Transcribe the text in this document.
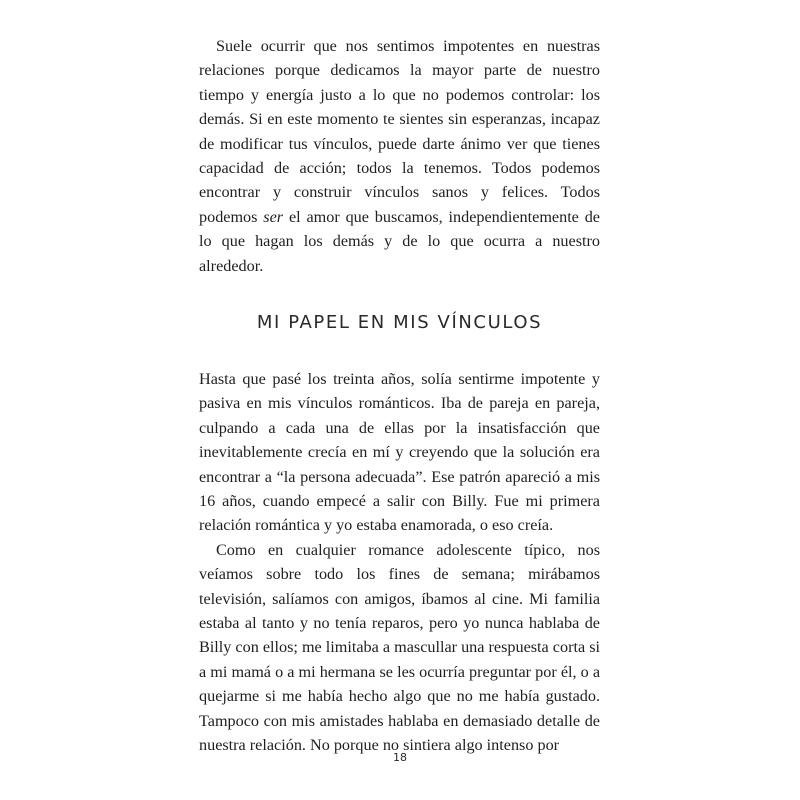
Suele ocurrir que nos sentimos impotentes en nuestras relaciones porque dedicamos la mayor parte de nuestro tiempo y energía justo a lo que no podemos controlar: los demás. Si en este momento te sientes sin esperanzas, incapaz de modificar tus vínculos, puede darte ánimo ver que tienes capacidad de acción; todos la tenemos. Todos podemos encontrar y construir vínculos sanos y felices. Todos podemos ser el amor que buscamos, independientemente de lo que hagan los demás y de lo que ocurra a nuestro alrededor.

MI PAPEL EN MIS VÍNCULOS

Hasta que pasé los treinta años, solía sentirme impotente y pasiva en mis vínculos románticos. Iba de pareja en pareja, culpando a cada una de ellas por la insatisfacción que inevitablemente crecía en mí y creyendo que la solución era encontrar a “la persona adecuada”. Ese patrón apareció a mis 16 años, cuando empecé a salir con Billy. Fue mi primera relación romántica y yo estaba enamorada, o eso creía.

Como en cualquier romance adolescente típico, nos veíamos sobre todo los fines de semana; mirábamos televisión, salíamos con amigos, íbamos al cine. Mi familia estaba al tanto y no tenía reparos, pero yo nunca hablaba de Billy con ellos; me limitaba a mascullar una respuesta corta si a mi mamá o a mi hermana se les ocurría preguntar por él, o a quejarme si me había hecho algo que no me había gustado. Tampoco con mis amistades hablaba en demasiado detalle de nuestra relación. No porque no sintiera algo intenso por

18
